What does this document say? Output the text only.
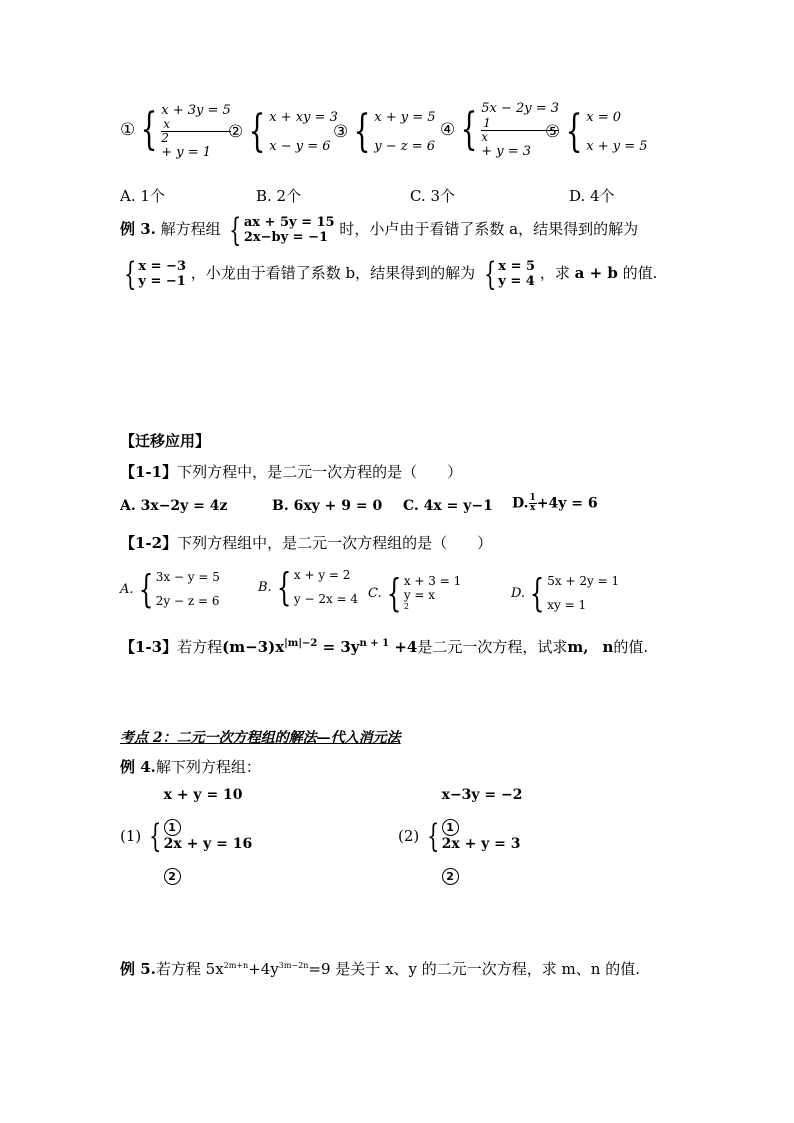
① { x + 3y = 5
x
2
+ y = 1
② { x + xy = 3
x − y = 6
③ { x + y = 5
y − z = 6
④ { 5x − 2y = 3
1
x
+ y = 3
⑤ { x = 0
x + y = 5
A. 1个	B. 2个	C. 3个	D. 4个
例 3. 解方程组 { ax + 5y = 15
2x−by = −1 时，小卢由于看错了系数 a，结果得到的解为
{ x = −3
y = −1 ，小龙由于看错了系数 b，结果得到的解为 { x = 5
y = 4 ，求 a + b 的值.
【迁移应用】
【1-1】下列方程中，是二元一次方程的是（　　）
A. 3x−2y = 4z	B. 6xy + 9 = 0 C. 4x = y−1 D. $\frac{1}{x} +4y = 6$
【1-2】下列方程组中，是二元一次方程组的是（　　）
A. { 3x − y = 5
2y − z = 6
B. { x + y = 2
y − 2x = 4 C. { x + 3 = 1
y = x
$^2$
D. { 5x + 2y = 1
xy = 1
【1-3】若方程$(m-3)x^{|m|-2} = 3y^{n + 1} +4$是二元一次方程，试求m, n的值.
考点 2：二元一次方程组的解法—代入消元法
例 4.解下列方程组：
(1) {
x + y = 10

1
2x + y = 16

2
(2) {
x−3y = −2

1
2x + y = 3

2
例 5.若方程 $5x^{2m+n}+4y^{3m-2n}=9$ 是关于 x、y 的二元一次方程，求 m、n 的值.
